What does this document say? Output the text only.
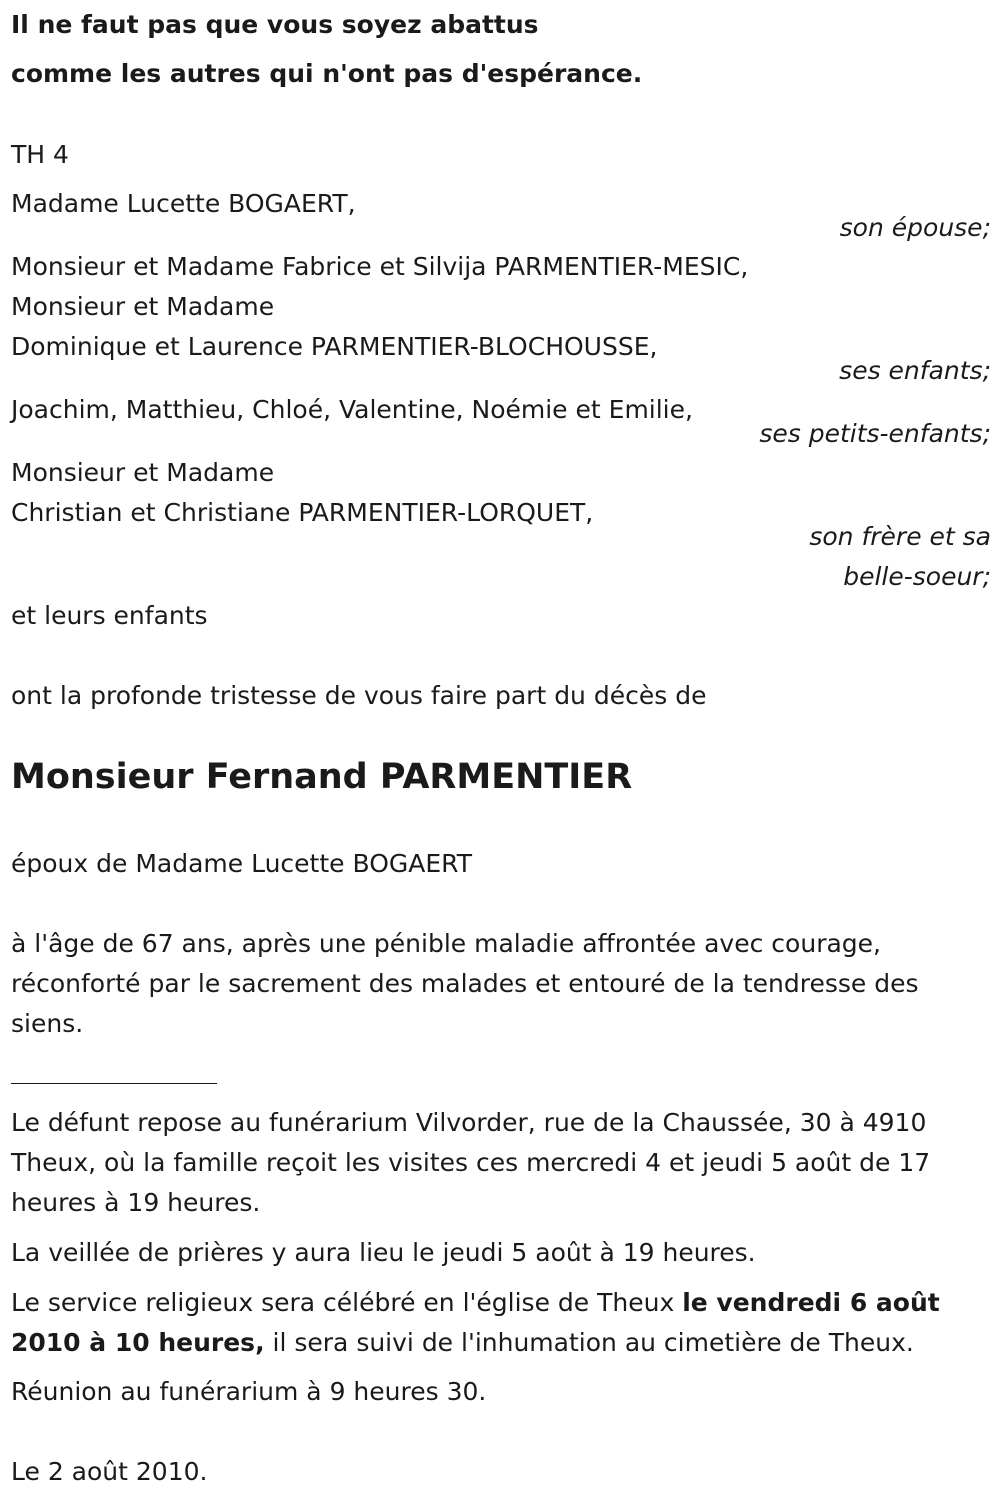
Il ne faut pas que vous soyez abattus
comme les autres qui n'ont pas d'espérance.
TH 4
Madame Lucette BOGAERT,
son épouse;
Monsieur et Madame Fabrice et Silvija PARMENTIER-MESIC,
Monsieur et Madame
Dominique et Laurence PARMENTIER-BLOCHOUSSE,
ses enfants;
Joachim, Matthieu, Chloé, Valentine, Noémie et Emilie,
ses petits-enfants;
Monsieur et Madame
Christian et Christiane PARMENTIER-LORQUET,
son frère et sa
belle-soeur;
et leurs enfants
ont la profonde tristesse de vous faire part du décès de
Monsieur Fernand PARMENTIER
époux de Madame Lucette BOGAERT
à l'âge de 67 ans, après une pénible maladie affrontée avec courage, réconforté par le sacrement des malades et entouré de la tendresse des siens.
Le défunt repose au funérarium Vilvorder, rue de la Chaussée, 30 à 4910 Theux, où la famille reçoit les visites ces mercredi 4 et jeudi 5 août de 17 heures à 19 heures.
La veillée de prières y aura lieu le jeudi 5 août à 19 heures.
Le service religieux sera célébré en l'église de Theux le vendredi 6 août 2010 à 10 heures, il sera suivi de l'inhumation au cimetière de Theux.
Réunion au funérarium à 9 heures 30.
Le 2 août 2010.
